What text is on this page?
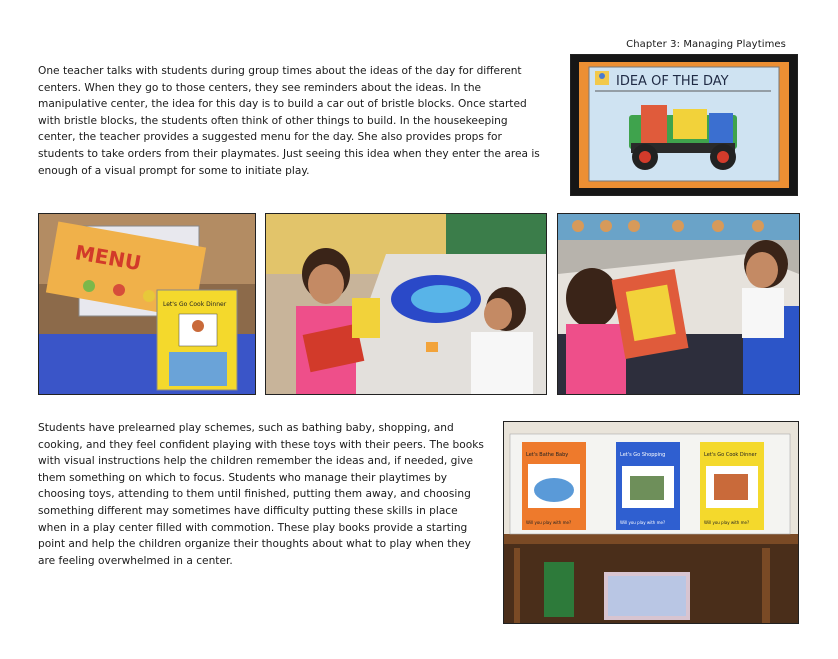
Chapter 3: Managing Playtimes

One teacher talks with students during group times about the ideas of the day for different centers. When they go to those centers, they see reminders about the ideas. In the manipulative center, the idea for this day is to build a car out of bristle blocks. Once started with bristle blocks, the students often think of other things to build. In the housekeeping center, the teacher provides a suggested menu for the day. She also provides props for students to take orders from their playmates. Just seeing this idea when they enter the area is enough of a visual prompt for some to initiate play.

IDEA OF THE DAY
MENU
Let's Go Cook Dinner

Students have prelearned play schemes, such as bathing baby, shopping, and cooking, and they feel confident playing with these toys with their peers. The books with visual instructions help the children remember the ideas and, if needed, give them something on which to focus. Students who manage their playtimes by choosing toys, attending to them until finished, putting them away, and choosing something different may sometimes have difficulty putting these skills in place when in a play center filled with commotion. These play books provide a starting point and help the children organize their thoughts about what to play when they are feeling overwhelmed in a center.

Let's Bathe Baby
Will you play with me?
Let's Go Shopping
Will you play with me?
Let's Go Cook Dinner
Will you play with me?
